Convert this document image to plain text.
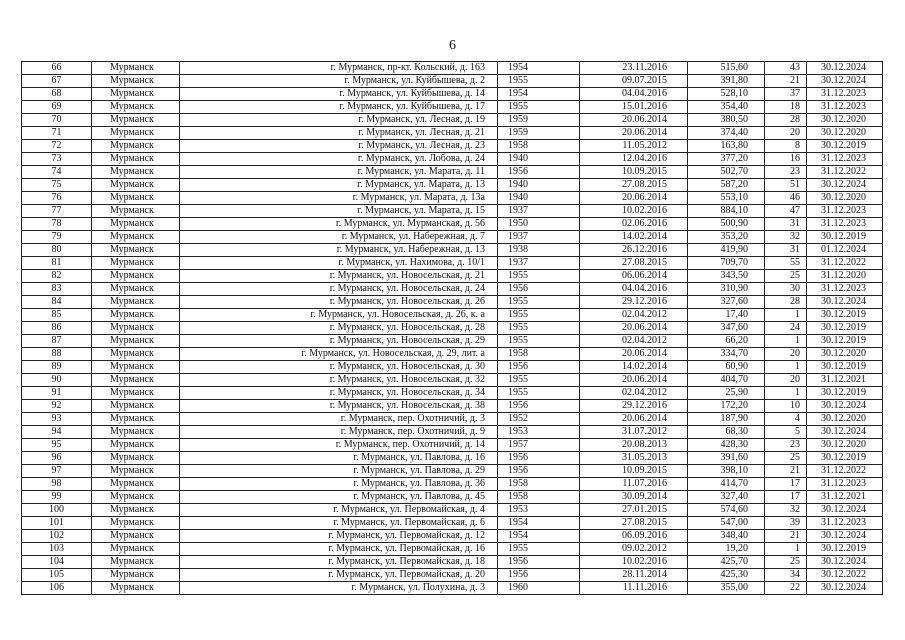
6
66	Мурманск	г. Мурманск, пр-кт. Кольский, д. 163	1954	23.11.2016	515,60	43	30.12.2024
67	Мурманск	г. Мурманск, ул. Куйбышева, д. 2	1955	09.07.2015	391,80	21	30.12.2024
68	Мурманск	г. Мурманск, ул. Куйбышева, д. 14	1954	04.04.2016	528,10	37	31.12.2023
69	Мурманск	г. Мурманск, ул. Куйбышева, д. 17	1955	15.01.2016	354,40	18	31.12.2023
70	Мурманск	г. Мурманск, ул. Лесная, д. 19	1959	20.06.2014	380,50	28	30.12.2020
71	Мурманск	г. Мурманск, ул. Лесная, д. 21	1959	20.06.2014	374,40	20	30.12.2020
72	Мурманск	г. Мурманск, ул. Лесная, д. 23	1958	11.05.2012	163,80	8	30.12.2019
73	Мурманск	г. Мурманск, ул. Лобова, д. 24	1940	12.04.2016	377,20	16	31.12.2023
74	Мурманск	г. Мурманск, ул. Марата, д. 11	1956	10.09.2015	502,70	23	31.12.2022
75	Мурманск	г. Мурманск, ул. Марата, д. 13	1940	27.08.2015	587,20	51	30.12.2024
76	Мурманск	г. Мурманск, ул. Марата, д. 13а	1940	20.06.2014	553,10	46	30.12.2020
77	Мурманск	г. Мурманск, ул. Марата, д. 15	1937	10.02.2016	884,10	47	31.12.2023
78	Мурманск	г. Мурманск, ул. Мурманская, д. 56	1950	02.06.2016	500,90	31	31.12.2023
79	Мурманск	г. Мурманск, ул. Набережная, д. 7	1937	14.02.2014	353,20	32	30.12.2019
80	Мурманск	г. Мурманск, ул. Набережная, д. 13	1938	26.12.2016	419,90	31	01.12.2024
81	Мурманск	г. Мурманск, ул. Нахимова, д. 10/1	1937	27.08.2015	709,70	55	31.12.2022
82	Мурманск	г. Мурманск, ул. Новосельская, д. 21	1955	06.06.2014	343,50	25	31.12.2020
83	Мурманск	г. Мурманск, ул. Новосельская, д. 24	1956	04.04.2016	310,90	30	31.12.2023
84	Мурманск	г. Мурманск, ул. Новосельская, д. 26	1955	29.12.2016	327,60	28	30.12.2024
85	Мурманск	г. Мурманск, ул. Новосельская, д. 26, к. а	1955	02.04.2012	17,40	1	30.12.2019
86	Мурманск	г. Мурманск, ул. Новосельская, д. 28	1955	20.06.2014	347,60	24	30.12.2019
87	Мурманск	г. Мурманск, ул. Новосельская, д. 29	1955	02.04.2012	66,20	1	30.12.2019
88	Мурманск	г. Мурманск, ул. Новосельская, д. 29, лит. а	1958	20.06.2014	334,70	20	30.12.2020
89	Мурманск	г. Мурманск, ул. Новосельская, д. 30	1956	14.02.2014	60,90	1	30.12.2019
90	Мурманск	г. Мурманск, ул. Новосельская, д. 32	1955	20.06.2014	404,70	20	31.12.2021
91	Мурманск	г. Мурманск, ул. Новосельская, д. 34	1955	02.04.2012	25,90	1	30.12.2019
92	Мурманск	г. Мурманск, ул. Новосельская, д. 38	1956	29.12.2016	172,20	10	30.12.2024
93	Мурманск	г. Мурманск, пер. Охотничий, д. 3	1952	20.06.2014	187,90	4	30.12.2020
94	Мурманск	г. Мурманск, пер. Охотничий, д. 9	1953	31.07.2012	68,30	5	30.12.2024
95	Мурманск	г. Мурманск, пер. Охотничий, д. 14	1957	20.08.2013	428,30	23	30.12.2020
96	Мурманск	г. Мурманск, ул. Павлова, д. 16	1956	31.05.2013	391,60	25	30.12.2019
97	Мурманск	г. Мурманск, ул. Павлова, д. 29	1956	10.09.2015	398,10	21	31.12.2022
98	Мурманск	г. Мурманск, ул. Павлова, д. 36	1958	11.07.2016	414,70	17	31.12.2023
99	Мурманск	г. Мурманск, ул. Павлова, д. 45	1958	30.09.2014	327,40	17	31.12.2021
100	Мурманск	г. Мурманск, ул. Первомайская, д. 4	1953	27.01.2015	574,60	32	30.12.2024
101	Мурманск	г. Мурманск, ул. Первомайская, д. 6	1954	27.08.2015	547,00	39	31.12.2023
102	Мурманск	г. Мурманск, ул. Первомайская, д. 12	1954	06.09.2016	348,40	21	30.12.2024
103	Мурманск	г. Мурманск, ул. Первомайская, д. 16	1955	09.02.2012	19,20	1	30.12.2019
104	Мурманск	г. Мурманск, ул. Первомайская, д. 18	1956	10.02.2016	425,70	25	30.12.2024
105	Мурманск	г. Мурманск, ул. Первомайская, д. 20	1956	28.11.2014	425,30	34	30.12.2022
106	Мурманск	г. Мурманск, ул. Полухина, д. 3	1960	11.11.2016	355,00	22	30.12.2024
